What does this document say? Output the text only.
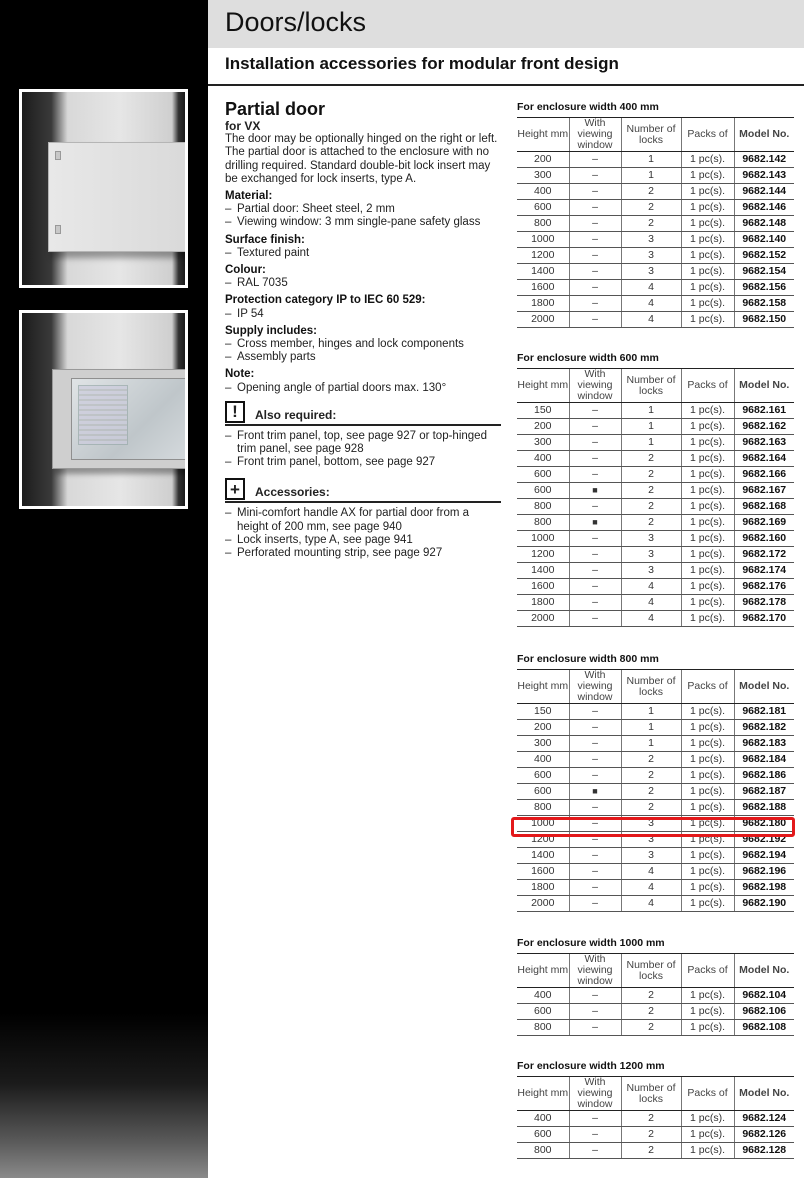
Doors/locks
Installation accessories for modular front design
Partial door
for VX
The door may be optionally hinged on the right or left. The partial door is attached to the enclosure with no drilling required. Standard double-bit lock insert may be exchanged for lock inserts, type A.
Material:
– Partial door: Sheet steel, 2 mm
– Viewing window: 3 mm single-pane safety glass
Surface finish:
– Textured paint
Colour:
– RAL 7035
Protection category IP to IEC 60 529:
– IP 54
Supply includes:
– Cross member, hinges and lock components
– Assembly parts
Note:
– Opening angle of partial doors max. 130°
!	Also required:
– Front trim panel, top, see page 927 or top-hinged trim panel, see page 928
– Front trim panel, bottom, see page 927
+	Accessories:
– Mini-comfort handle AX for partial door from a height of 200 mm, see page 940
– Lock inserts, type A, see page 941
– Perforated mounting strip, see page 927
For enclosure width 400 mm
Height mm	With viewing window	Number of locks	Packs of	Model No.
200	–	1	1 pc(s).	9682.142
300	–	1	1 pc(s).	9682.143
400	–	2	1 pc(s).	9682.144
600	–	2	1 pc(s).	9682.146
800	–	2	1 pc(s).	9682.148
1000	–	3	1 pc(s).	9682.140
1200	–	3	1 pc(s).	9682.152
1400	–	3	1 pc(s).	9682.154
1600	–	4	1 pc(s).	9682.156
1800	–	4	1 pc(s).	9682.158
2000	–	4	1 pc(s).	9682.150
For enclosure width 600 mm
Height mm	With viewing window	Number of locks	Packs of	Model No.
150	–	1	1 pc(s).	9682.161
200	–	1	1 pc(s).	9682.162
300	–	1	1 pc(s).	9682.163
400	–	2	1 pc(s).	9682.164
600	–	2	1 pc(s).	9682.166
600	■	2	1 pc(s).	9682.167
800	–	2	1 pc(s).	9682.168
800	■	2	1 pc(s).	9682.169
1000	–	3	1 pc(s).	9682.160
1200	–	3	1 pc(s).	9682.172
1400	–	3	1 pc(s).	9682.174
1600	–	4	1 pc(s).	9682.176
1800	–	4	1 pc(s).	9682.178
2000	–	4	1 pc(s).	9682.170
For enclosure width 800 mm
Height mm	With viewing window	Number of locks	Packs of	Model No.
150	–	1	1 pc(s).	9682.181
200	–	1	1 pc(s).	9682.182
300	–	1	1 pc(s).	9682.183
400	–	2	1 pc(s).	9682.184
600	–	2	1 pc(s).	9682.186
600	■	2	1 pc(s).	9682.187
800	–	2	1 pc(s).	9682.188
1000	–	3	1 pc(s).	9682.180
1200	–	3	1 pc(s).	9682.192
1400	–	3	1 pc(s).	9682.194
1600	–	4	1 pc(s).	9682.196
1800	–	4	1 pc(s).	9682.198
2000	–	4	1 pc(s).	9682.190
For enclosure width 1000 mm
Height mm	With viewing window	Number of locks	Packs of	Model No.
400	–	2	1 pc(s).	9682.104
600	–	2	1 pc(s).	9682.106
800	–	2	1 pc(s).	9682.108
For enclosure width 1200 mm
Height mm	With viewing window	Number of locks	Packs of	Model No.
400	–	2	1 pc(s).	9682.124
600	–	2	1 pc(s).	9682.126
800	–	2	1 pc(s).	9682.128
